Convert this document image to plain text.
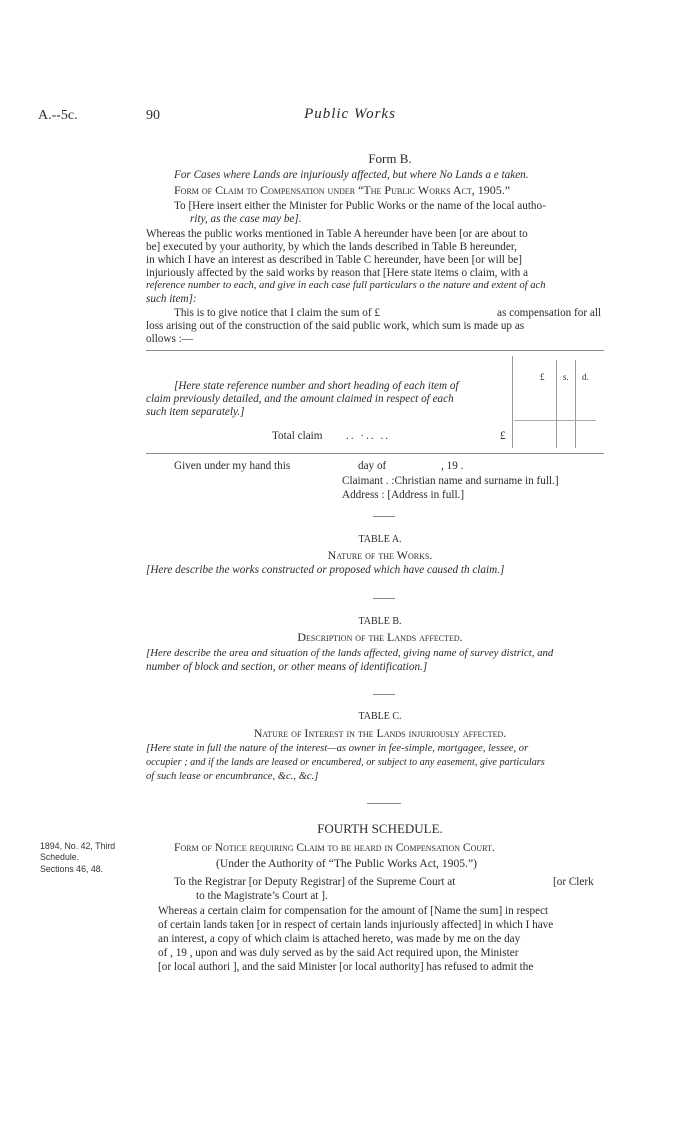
A.--5c.	90	Public Works
Form B.
For Cases where Lands are injuriously affected, but where No Lands a e taken.
Form of Claim to Compensation under “The Public Works Act, 1905.”
To [Here insert either the Minister for Public Works or the name of the local autho-
rity, as the case may be].
Whereas the public works mentioned in Table A hereunder have been [or are about to
be] executed by your authority, by which the lands described in Table B hereunder,
in which I have an interest as described in Table C hereunder, have been [or will be]
injuriously affected by the said works by reason that [Here state items o claim, with a
reference number to each, and give in each case full particulars o the nature and extent of ach
such item]:
This is to give notice that I claim the sum of £	as compensation for all
loss arising out of the construction of the said public work, which sum is made up as
ollows :—
£ s. d.
[Here state reference number and short heading of each item of
claim previously detailed, and the amount claimed in respect of each
such item separately.]
Total claim .. ·.. ..	£
Given under my hand this	day of	, 19 .
Claimant . :Christian name and surname in full.]
Address : [Address in full.]
TABLE A.
Nature of the Works.
[Here describe the works constructed or proposed which have caused th claim.]
TABLE B.
Description of the Lands affected.
[Here describe the area and situation of the lands affected, giving name of survey district, and
number of block and section, or other means of identification.]
TABLE C.
Nature of Interest in the Lands injuriously affected.
[Here state in full the nature of the interest—as owner in fee-simple, mortgagee, lessee, or
occupier ; and if the lands are leased or encumbered, or subject to any easement, give particulars
of such lease or encumbrance, &c., &c.]
FOURTH SCHEDULE.
1894, No. 42, Third
Schedule.
Sections 46, 48.
Form of Notice requiring Claim to be heard in Compensation Court.
(Under the Authority of “The Public Works Act, 1905.”)
To the Registrar [or Deputy Registrar] of the Supreme Court at	[or Clerk
to the Magistrate’s Court at ].
Whereas a certain claim for compensation for the amount of [Name the sum] in respect
of certain lands taken [or in respect of certain lands injuriously affected] in which I have
an interest, a copy of which claim is attached hereto, was made by me on the day
of , 19 , upon and was duly served as by the said Act required upon, the Minister
[or local authori ], and the said Minister [or local authority] has refused to admit the
